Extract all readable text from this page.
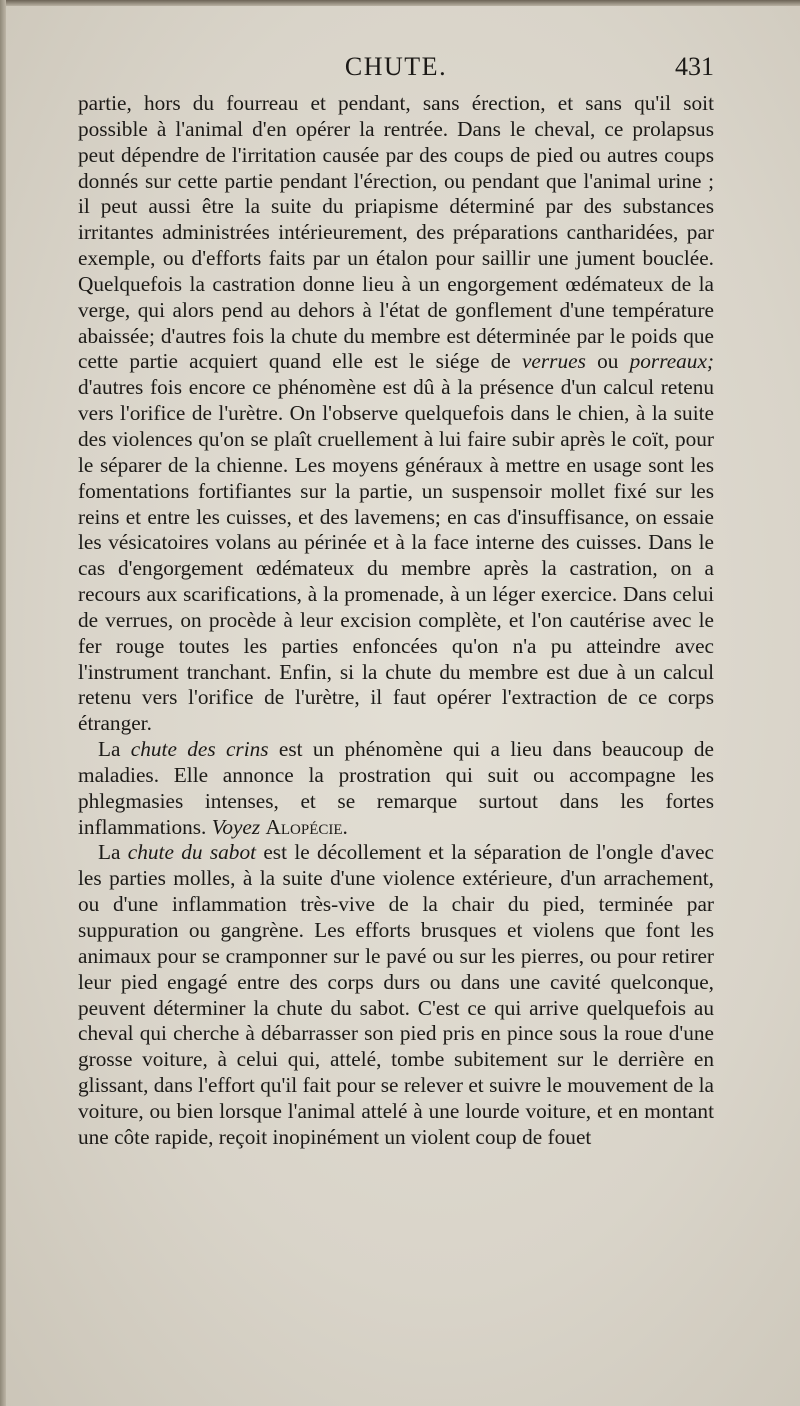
CHUTE.	431

partie, hors du fourreau et pendant, sans érection, et sans qu'il soit possible à l'animal d'en opérer la rentrée. Dans le cheval, ce prolapsus peut dépendre de l'irritation causée par des coups de pied ou autres coups donnés sur cette partie pendant l'érection, ou pendant que l'animal urine ; il peut aussi être la suite du priapisme déterminé par des substances irritantes administrées intérieurement, des préparations cantharidées, par exemple, ou d'efforts faits par un étalon pour saillir une jument bouclée. Quelquefois la castration donne lieu à un engorgement œdémateux de la verge, qui alors pend au dehors à l'état de gonflement d'une température abaissée; d'autres fois la chute du membre est déterminée par le poids que cette partie acquiert quand elle est le siége de verrues ou porreaux; d'autres fois encore ce phénomène est dû à la présence d'un calcul retenu vers l'orifice de l'urètre. On l'observe quelquefois dans le chien, à la suite des violences qu'on se plaît cruellement à lui faire subir après le coït, pour le séparer de la chienne. Les moyens généraux à mettre en usage sont les fomentations fortifiantes sur la partie, un suspensoir mollet fixé sur les reins et entre les cuisses, et des lavemens; en cas d'insuffisance, on essaie les vésicatoires volans au périnée et à la face interne des cuisses. Dans le cas d'engorgement œdémateux du membre après la castration, on a recours aux scarifications, à la promenade, à un léger exercice. Dans celui de verrues, on procède à leur excision complète, et l'on cautérise avec le fer rouge toutes les parties enfoncées qu'on n'a pu atteindre avec l'instrument tranchant. Enfin, si la chute du membre est due à un calcul retenu vers l'orifice de l'urètre, il faut opérer l'extraction de ce corps étranger.

La chute des crins est un phénomène qui a lieu dans beaucoup de maladies. Elle annonce la prostration qui suit ou accompagne les phlegmasies intenses, et se remarque surtout dans les fortes inflammations. Voyez Alopécie.

La chute du sabot est le décollement et la séparation de l'ongle d'avec les parties molles, à la suite d'une violence extérieure, d'un arrachement, ou d'une inflammation très-vive de la chair du pied, terminée par suppuration ou gangrène. Les efforts brusques et violens que font les animaux pour se cramponner sur le pavé ou sur les pierres, ou pour retirer leur pied engagé entre des corps durs ou dans une cavité quelconque, peuvent déterminer la chute du sabot. C'est ce qui arrive quelquefois au cheval qui cherche à débarrasser son pied pris en pince sous la roue d'une grosse voiture, à celui qui, attelé, tombe subitement sur le derrière en glissant, dans l'effort qu'il fait pour se relever et suivre le mouvement de la voiture, ou bien lorsque l'animal attelé à une lourde voiture, et en montant une côte rapide, reçoit inopinément un violent coup de fouet
